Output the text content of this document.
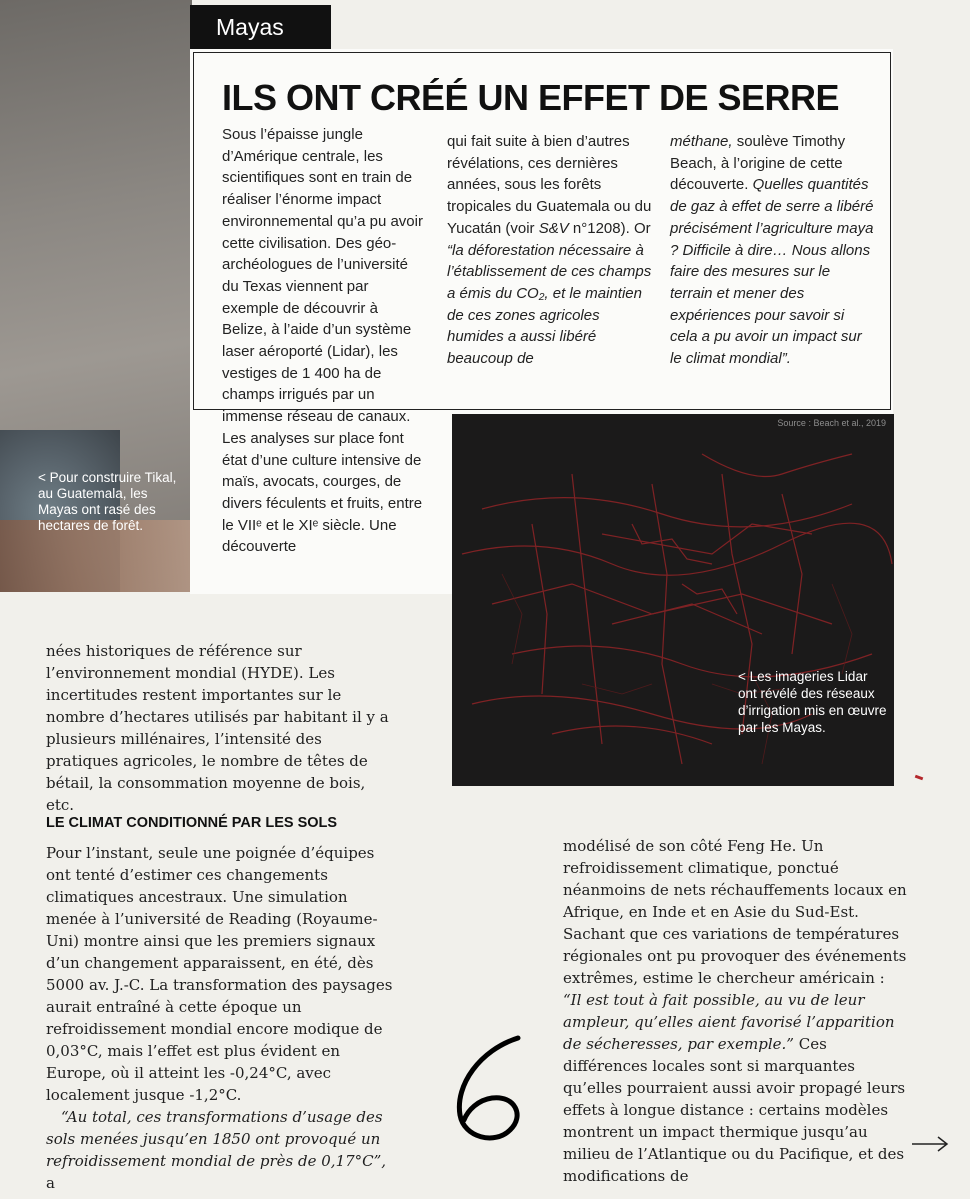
< Pour construire Tikal, au Guatemala, les Mayas ont rasé des hectares de forêt.
Mayas
ILS ONT CRÉÉ UN EFFET DE SERRE
Sous l’épaisse jungle d’Amérique centrale, les scientifiques sont en train de réaliser l’énorme impact environnemental qu’a pu avoir cette civilisation. Des géo-archéologues de l’université du Texas viennent par exemple de découvrir à Belize, à l’aide d’un système laser aéroporté (Lidar), les vestiges de 1 400 ha de champs irrigués par un immense réseau de canaux. Les analyses sur place font état d’une culture intensive de maïs, avocats, courges, de divers féculents et fruits, entre le VIIᵉ et le XIᵉ siècle. Une découverte
qui fait suite à bien d’autres révélations, ces dernières années, sous les forêts tropicales du Guatemala ou du Yucatán (voir S&V n°1208). Or “la déforestation nécessaire à l’établissement de ces champs a émis du CO₂, et le maintien de ces zones agricoles humides a aussi libéré beaucoup de
méthane, soulève Timothy Beach, à l’origine de cette découverte. Quelles quantités de gaz à effet de serre a libéré précisément l’agriculture maya ? Difficile à dire… Nous allons faire des mesures sur le terrain et mener des expériences pour savoir si cela a pu avoir un impact sur le climat mondial”.
Source : Beach et al., 2019
< Les imageries Lidar ont révélé des réseaux d’irrigation mis en œuvre par les Mayas.
nées historiques de référence sur l’environnement mondial (HYDE). Les incertitudes restent importantes sur le nombre d’hectares utilisés par habitant il y a plusieurs millénaires, l’intensité des pratiques agricoles, le nombre de têtes de bétail, la consommation moyenne de bois, etc.
LE CLIMAT CONDITIONNÉ PAR LES SOLS

Pour l’instant, seule une poignée d’équipes ont tenté d’estimer ces changements climatiques ancestraux. Une simulation menée à l’université de Reading (Royaume-Uni) montre ainsi que les premiers signaux d’un changement apparaissent, en été, dès 5000 av. J.-C. La transformation des paysages aurait entraîné à cette époque un refroidissement mondial encore modique de 0,03°C, mais l’effet est plus évident en Europe, où il atteint les -0,24°C, avec localement jusque -1,2°C.

“Au total, ces transformations d’usage des sols menées jusqu’en 1850 ont provoqué un refroidissement mondial de près de 0,17°C”, a

modélisé de son côté Feng He. Un refroidissement climatique, ponctué néanmoins de nets réchauffements locaux en Afrique, en Inde et en Asie du Sud-Est. Sachant que ces variations de températures régionales ont pu provoquer des événements extrêmes, estime le chercheur américain : “Il est tout à fait possible, au vu de leur ampleur, qu’elles aient favorisé l’apparition de sécheresses, par exemple.” Ces différences locales sont si marquantes qu’elles pourraient aussi avoir propagé leurs effets à longue distance : certains modèles montrent un impact thermique jusqu’au milieu de l’Atlantique ou du Pacifique, et des modifications de
